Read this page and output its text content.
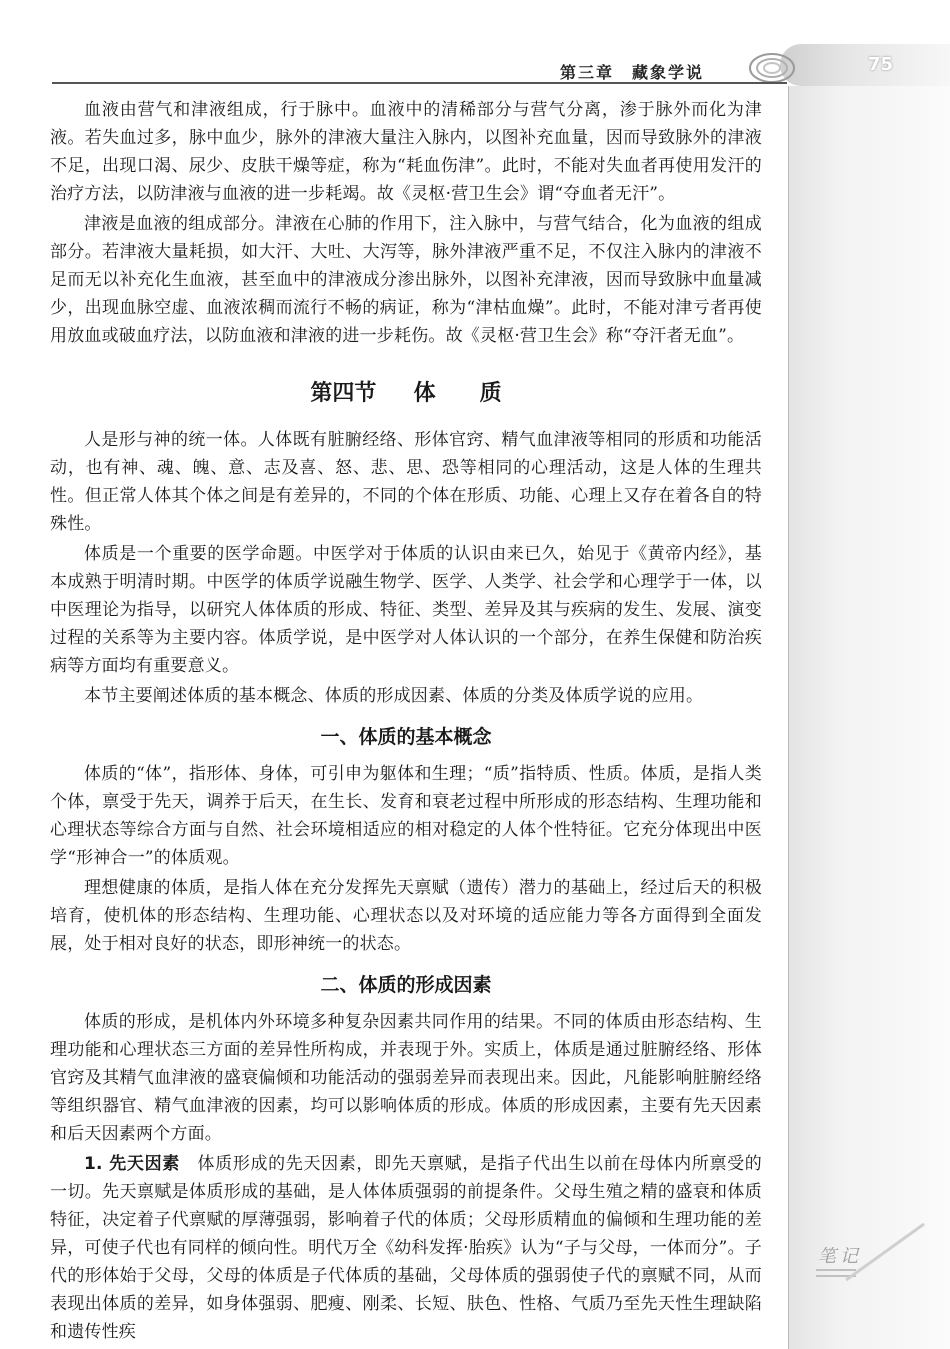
75
第三章　藏象学说

血液由营气和津液组成，行于脉中。血液中的清稀部分与营气分离，渗于脉外而化为津液。若失血过多，脉中血少，脉外的津液大量注入脉内，以图补充血量，因而导致脉外的津液不足，出现口渴、尿少、皮肤干燥等症，称为“耗血伤津”。此时，不能对失血者再使用发汗的治疗方法，以防津液与血液的进一步耗竭。故《灵枢·营卫生会》谓“夺血者无汗”。

津液是血液的组成部分。津液在心肺的作用下，注入脉中，与营气结合，化为血液的组成部分。若津液大量耗损，如大汗、大吐、大泻等，脉外津液严重不足，不仅注入脉内的津液不足而无以补充化生血液，甚至血中的津液成分渗出脉外，以图补充津液，因而导致脉中血量减少，出现血脉空虚、血液浓稠而流行不畅的病证，称为“津枯血燥”。此时，不能对津亏者再使用放血或破血疗法，以防血液和津液的进一步耗伤。故《灵枢·营卫生会》称“夺汗者无血”。

第四节 体　　质

人是形与神的统一体。人体既有脏腑经络、形体官窍、精气血津液等相同的形质和功能活动，也有神、魂、魄、意、志及喜、怒、悲、思、恐等相同的心理活动，这是人体的生理共性。但正常人体其个体之间是有差异的，不同的个体在形质、功能、心理上又存在着各自的特殊性。

体质是一个重要的医学命题。中医学对于体质的认识由来已久，始见于《黄帝内经》，基本成熟于明清时期。中医学的体质学说融生物学、医学、人类学、社会学和心理学于一体，以中医理论为指导，以研究人体体质的形成、特征、类型、差异及其与疾病的发生、发展、演变过程的关系等为主要内容。体质学说，是中医学对人体认识的一个部分，在养生保健和防治疾病等方面均有重要意义。

本节主要阐述体质的基本概念、体质的形成因素、体质的分类及体质学说的应用。

一、体质的基本概念

体质的“体”，指形体、身体，可引申为躯体和生理；“质”指特质、性质。体质，是指人类个体，禀受于先天，调养于后天，在生长、发育和衰老过程中所形成的形态结构、生理功能和心理状态等综合方面与自然、社会环境相适应的相对稳定的人体个性特征。它充分体现出中医学“形神合一”的体质观。

理想健康的体质，是指人体在充分发挥先天禀赋（遗传）潜力的基础上，经过后天的积极培育，使机体的形态结构、生理功能、心理状态以及对环境的适应能力等各方面得到全面发展，处于相对良好的状态，即形神统一的状态。

二、体质的形成因素

体质的形成，是机体内外环境多种复杂因素共同作用的结果。不同的体质由形态结构、生理功能和心理状态三方面的差异性所构成，并表现于外。实质上，体质是通过脏腑经络、形体官窍及其精气血津液的盛衰偏倾和功能活动的强弱差异而表现出来。因此，凡能影响脏腑经络等组织器官、精气血津液的因素，均可以影响体质的形成。体质的形成因素，主要有先天因素和后天因素两个方面。

1. 先天因素　体质形成的先天因素，即先天禀赋，是指子代出生以前在母体内所禀受的一切。先天禀赋是体质形成的基础，是人体体质强弱的前提条件。父母生殖之精的盛衰和体质特征，决定着子代禀赋的厚薄强弱，影响着子代的体质；父母形质精血的偏倾和生理功能的差异，可使子代也有同样的倾向性。明代万全《幼科发挥·胎疾》认为“子与父母，一体而分”。子代的形体始于父母，父母的体质是子代体质的基础，父母体质的强弱使子代的禀赋不同，从而表现出体质的差异，如身体强弱、肥瘦、刚柔、长短、肤色、性格、气质乃至先天性生理缺陷和遗传性疾

笔记
